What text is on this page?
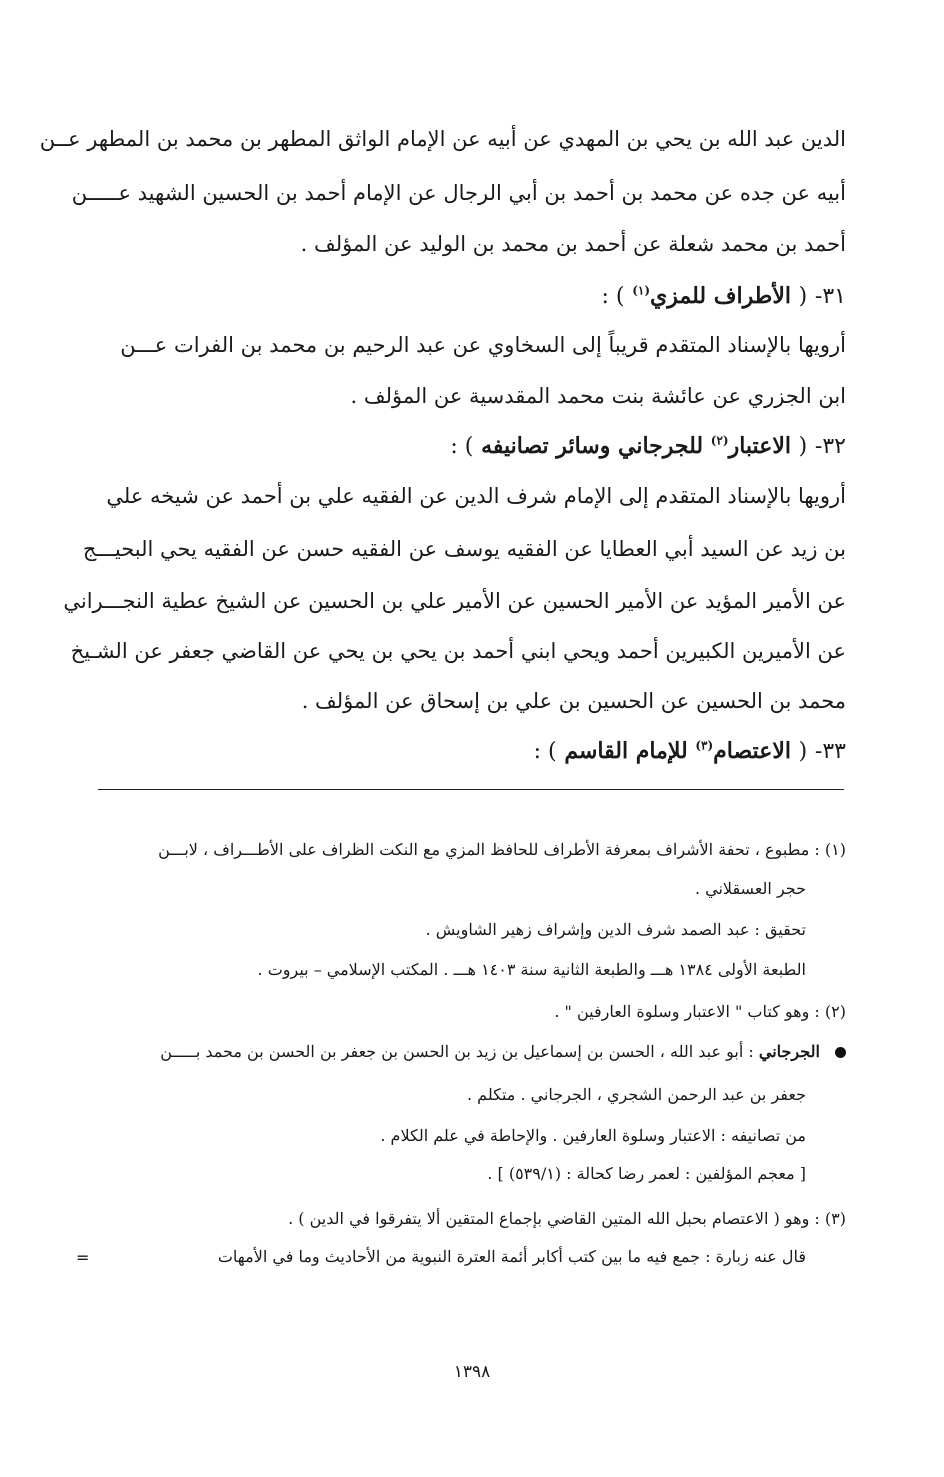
الدين عبد الله بن يحي بن المهدي عن أبيه عن الإمام الواثق المطهر بن محمد بن المطهر عــن
أبيه عن جده عن محمد بن أحمد بن أبي الرجال عن الإمام أحمد بن الحسين الشهيد عـــــن
أحمد بن محمد شعلة عن أحمد بن محمد بن الوليد عن المؤلف .
٣١- ( الأطراف للمزي$^{(١)}$ ) :
أرويها بالإسناد المتقدم قريباً إلى السخاوي عن عبد الرحيم بن محمد بن الفرات عـــن
ابن الجزري عن عائشة بنت محمد المقدسية عن المؤلف .
٣٢- ( الاعتبار$^{(٢)}$ للجرجاني وسائر تصانيفه ) :
أرويها بالإسناد المتقدم إلى الإمام شرف الدين عن الفقيه علي بن أحمد عن شيخه علي
بن زيد عن السيد أبي العطايا عن الفقيه يوسف عن الفقيه حسن عن الفقيه يحي البحيـــج
عن الأمير المؤيد عن الأمير الحسين عن الأمير علي بن الحسين عن الشيخ عطية النجـــراني
عن الأميرين الكبيرين أحمد ويحي ابني أحمد بن يحي بن يحي عن القاضي جعفر عن الشـيخ
محمد بن الحسين عن الحسين بن علي بن إسحاق عن المؤلف .
٣٣- ( الاعتصام$^{(٣)}$ للإمام القاسم ) :
(١) : مطبوع ، تحفة الأشراف بمعرفة الأطراف للحافظ المزي مع النكت الظراف على الأطـــراف ، لابـــن
حجر العسقلاني .
تحقيق : عبد الصمد شرف الدين وإشراف زهير الشاويش .
الطبعة الأولى ١٣٨٤ هـــ والطبعة الثانية سنة ١٤٠٣ هـــ . المكتب الإسلامي – بيروت .
(٢) : وهو كتاب " الاعتبار وسلوة العارفين " .
الجرجاني : أبو عبد الله ، الحسن بن إسماعيل بن زيد بن الحسن بن جعفر بن الحسن بن محمد بـــــن
جعفر بن عبد الرحمن الشجري ، الجرجاني . متكلم .
من تصانيفه : الاعتبار وسلوة العارفين . والإحاطة في علم الكلام .
[ معجم المؤلفين : لعمر رضا كحالة : (٥٣٩/١) ] .
(٣) : وهو ( الاعتصام بحبل الله المتين القاضي بإجماع المتقين ألا يتفرقوا في الدين ) .
قال عنه زبارة : جمع فيه ما بين كتب أكابر أئمة العترة النبوية من الأحاديث وما في الأمهات
=
١٣٩٨
